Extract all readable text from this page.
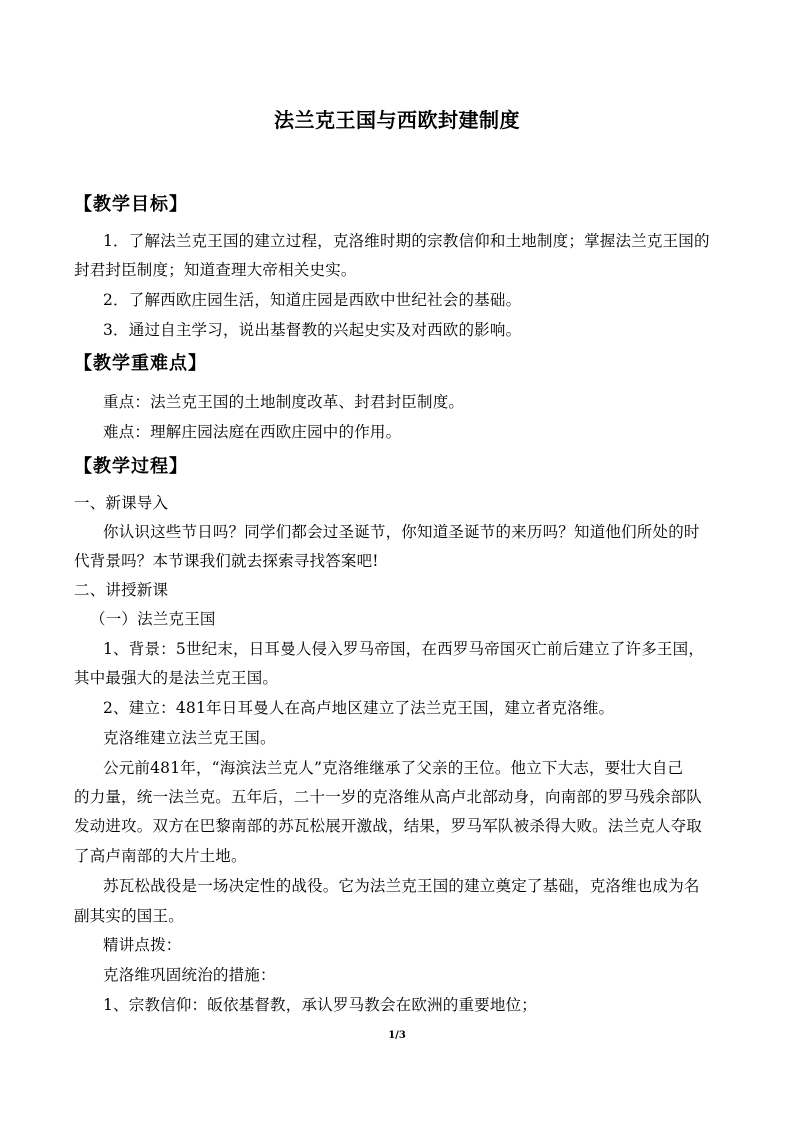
法兰克王国与西欧封建制度
【教学目标】
1．了解法兰克王国的建立过程，克洛维时期的宗教信仰和土地制度；掌握法兰克王国的
封君封臣制度；知道查理大帝相关史实。
2．了解西欧庄园生活，知道庄园是西欧中世纪社会的基础。
3．通过自主学习，说出基督教的兴起史实及对西欧的影响。
【教学重难点】
重点：法兰克王国的土地制度改革、封君封臣制度。
难点：理解庄园法庭在西欧庄园中的作用。
【教学过程】
一、新课导入
你认识这些节日吗？同学们都会过圣诞节，你知道圣诞节的来历吗？知道他们所处的时
代背景吗？本节课我们就去探索寻找答案吧!
二、讲授新课
（一）法兰克王国
1、背景：5世纪末，日耳曼人侵入罗马帝国，在西罗马帝国灭亡前后建立了许多王国，
其中最强大的是法兰克王国。
2、建立：481年日耳曼人在高卢地区建立了法兰克王国，建立者克洛维。
克洛维建立法兰克王国。
公元前481年，“海滨法兰克人”克洛维继承了父亲的王位。他立下大志，要壮大自己
的力量，统一法兰克。五年后，二十一岁的克洛维从高卢北部动身，向南部的罗马残余部队
发动进攻。双方在巴黎南部的苏瓦松展开激战，结果，罗马军队被杀得大败。法兰克人夺取
了高卢南部的大片土地。
苏瓦松战役是一场决定性的战役。它为法兰克王国的建立奠定了基础，克洛维也成为名
副其实的国王。
精讲点拨：
克洛维巩固统治的措施：
1、宗教信仰：皈依基督教，承认罗马教会在欧洲的重要地位；
1/3
